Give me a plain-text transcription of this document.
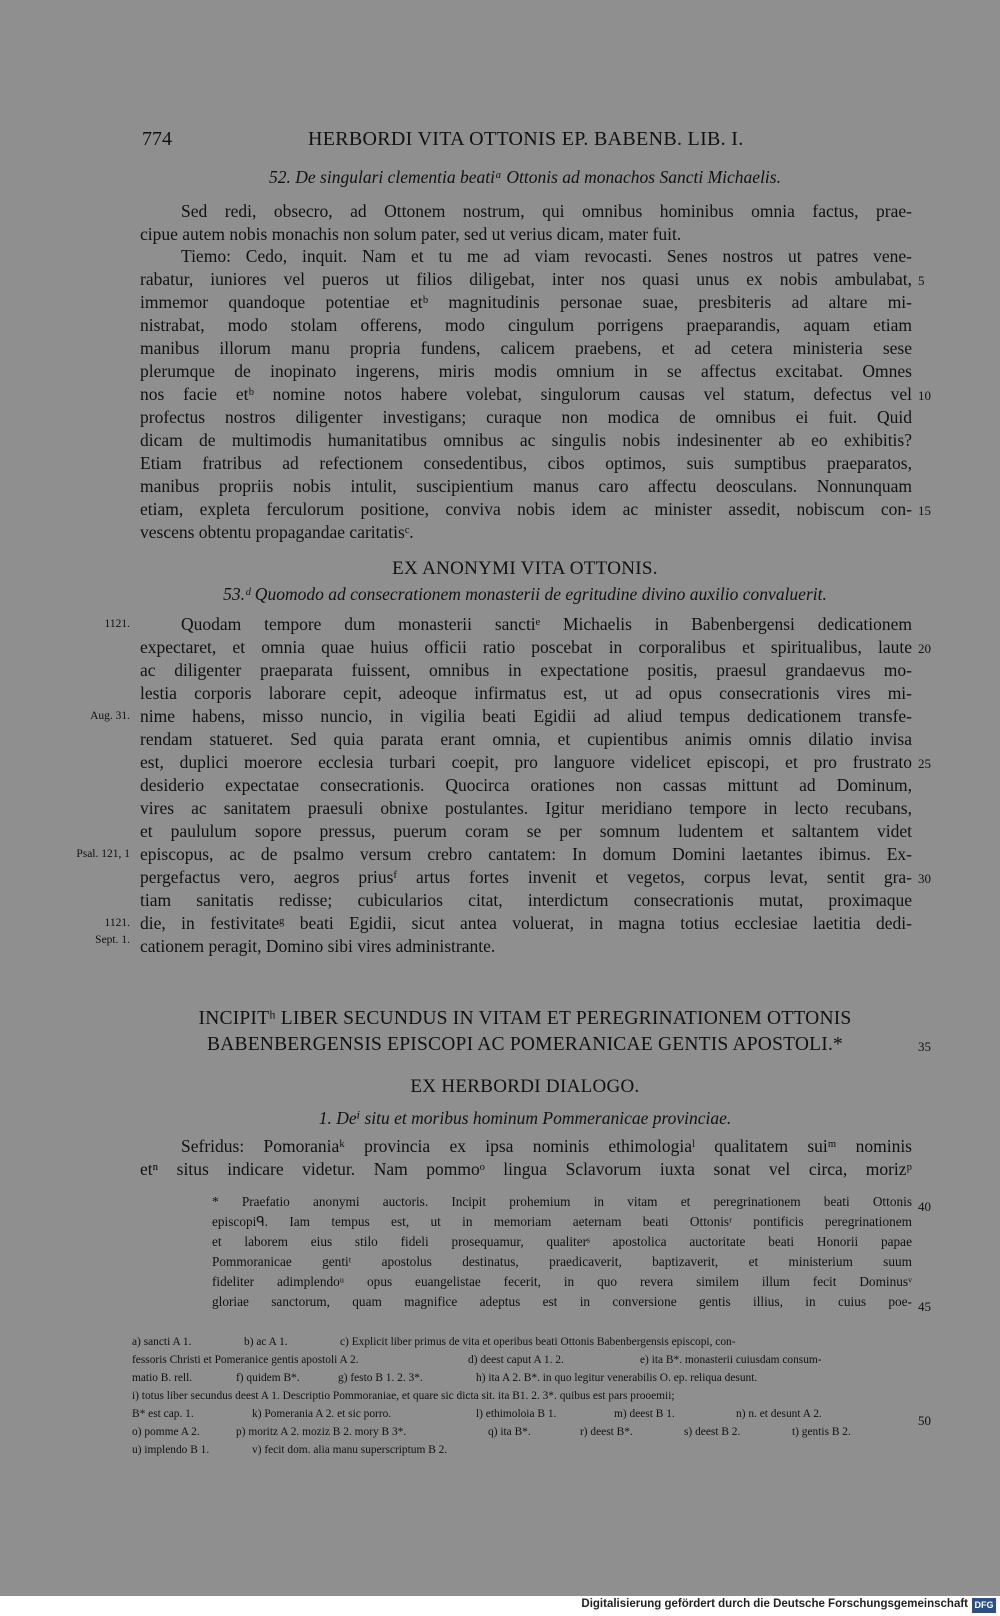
774	HERBORDI VITA OTTONIS EP. BABENB. LIB. I.
52. De singulari clementia beatiᵃ Ottonis ad monachos Sancti Michaelis.
Sed redi, obsecro, ad Ottonem nostrum, qui omnibus hominibus omnia factus, prae-
cipue autem nobis monachis non solum pater, sed ut verius dicam, mater fuit.
Tiemo: Cedo, inquit. Nam et tu me ad viam revocasti. Senes nostros ut patres vene-
rabatur, iuniores vel pueros ut filios diligebat, inter nos quasi unus ex nobis ambulabat,
immemor quandoque potentiae etᵇ magnitudinis personae suae, presbiteris ad altare mi-
nistrabat, modo stolam offerens, modo cingulum porrigens praeparandis, aquam etiam
manibus illorum manu propria fundens, calicem praebens, et ad cetera ministeria sese
plerumque de inopinato ingerens, miris modis omnium in se affectus excitabat. Omnes
nos facie etᵇ nomine notos habere volebat, singulorum causas vel statum, defectus vel
profectus nostros diligenter investigans; curaque non modica de omnibus ei fuit. Quid
dicam de multimodis humanitatibus omnibus ac singulis nobis indesinenter ab eo exhibitis?
Etiam fratribus ad refectionem consedentibus, cibos optimos, suis sumptibus praeparatos,
manibus propriis nobis intulit, suscipientium manus caro affectu deosculans. Nonnunquam
etiam, expleta ferculorum positione, conviva nobis idem ac minister assedit, nobiscum con-
vescens obtentu propagandae caritatisᶜ.
EX ANONYMI VITA OTTONIS.
53.ᵈ Quomodo ad consecrationem monasterii de egritudine divino auxilio convaluerit.
Quodam tempore dum monasterii sanctiᵉ Michaelis in Babenbergensi dedicationem
expectaret, et omnia quae huius officii ratio poscebat in corporalibus et spiritualibus, laute
ac diligenter praeparata fuissent, omnibus in expectatione positis, praesul grandaevus mo-
lestia corporis laborare cepit, adeoque infirmatus est, ut ad opus consecrationis vires mi-
nime habens, misso nuncio, in vigilia beati Egidii ad aliud tempus dedicationem transfe-
rendam statueret. Sed quia parata erant omnia, et cupientibus animis omnis dilatio invisa
est, duplici moerore ecclesia turbari coepit, pro languore videlicet episcopi, et pro frustrato
desiderio expectatae consecrationis. Quocirca orationes non cassas mittunt ad Dominum,
vires ac sanitatem praesuli obnixe postulantes. Igitur meridiano tempore in lecto recubans,
et paululum sopore pressus, puerum coram se per somnum ludentem et saltantem videt
episcopus, ac de psalmo versum crebro cantatem: In domum Domini laetantes ibimus. Ex-
pergefactus vero, aegros priusᶠ artus fortes invenit et vegetos, corpus levat, sentit gra-
tiam sanitatis redisse; cubicularios citat, interdictum consecrationis mutat, proximaque
die, in festivitateᵍ beati Egidii, sicut antea voluerat, in magna totius ecclesiae laetitia dedi-
cationem peragit, Domino sibi vires administrante.
INCIPITʰ LIBER SECUNDUS IN VITAM ET PEREGRINATIONEM OTTONIS
BABENBERGENSIS EPISCOPI AC POMERANICAE GENTIS APOSTOLI.*
EX HERBORDI DIALOGO.
1. Deⁱ situ et moribus hominum Pommeranicae provinciae.
Sefridus: Pomoraniaᵏ provincia ex ipsa nominis ethimologiaˡ qualitatem suiᵐ nominis
etⁿ situs indicare videtur. Nam pommoᵒ lingua Sclavorum iuxta sonat vel circa, morizᵖ
* Praefatio anonymi auctoris. Incipit prohemium in vitam et peregrinationem beati Ottonis
episcopiᑫ. Iam tempus est, ut in memoriam aeternam beati Ottonisʳ pontificis peregrinationem
et laborem eius stilo fideli prosequamur, qualiterˢ apostolica auctoritate beati Honorii papae
Pommoranicae gentiᵗ apostolus destinatus, praedicaverit, baptizaverit, et ministerium suum
fideliter adimplendoᵘ opus euangelistae fecerit, in quo revera similem illum fecit Dominusᵛ
gloriae sanctorum, quam magnifice adeptus est in conversione gentis illius, in cuius poe-
a) sancti A 1.	b) ac A 1.	c) Explicit liber primus de vita et operibus beati Ottonis Babenbergensis episcopi, con-
fessoris Christi et Pomeranice gentis apostoli A 2.	d) deest caput A 1. 2.	e) ita B*. monasterii cuiusdam consum-
matio B. rell.	f) quidem B*.	g) festo B 1. 2. 3*.	h) ita A 2. B*. in quo legitur venerabilis O. ep. reliqua desunt.
i) totus liber secundus deest A 1. Descriptio Pommoraniae, et quare sic dicta sit. ita B1. 2. 3*. quibus est pars prooemii;
B* est cap. 1.	k) Pomerania A 2. et sic porro.	l) ethimoloia B 1.	m) deest B 1.	n) n. et desunt A 2.
o) pomme A 2.	p) moritz A 2. moziz B 2. mory B 3*.	q) ita B*.	r) deest B*.	s) deest B 2.	t) gentis B 2.
u) implendo B 1.	v) fecit dom. alia manu superscriptum B 2.
5
10
15
20
25
30
35
40
45
50
1121.
Aug. 31.
Psal. 121, 1
1121.
Sept. 1.
Digitalisierung gefördert durch die Deutsche Forschungsgemeinschaft DFG
